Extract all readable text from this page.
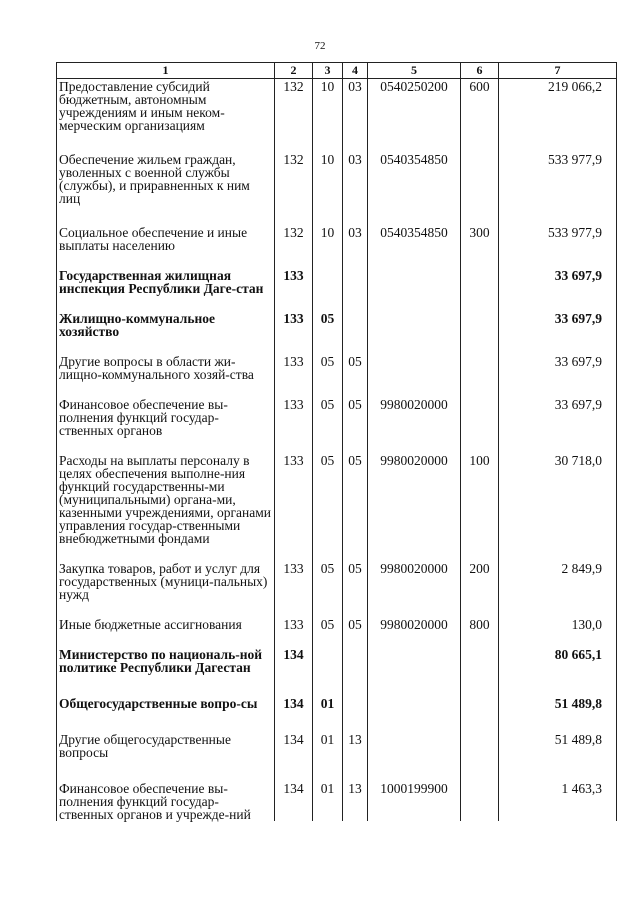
72
1	2	3	4	5	6	7
Предоставление субсидий бюджетным, автономным учреждениям и иным неком-мерческим организациям	132	10	03	0540250200	600	219 066,2
Обеспечение жильем граждан, уволенных с военной службы (службы), и приравненных к ним лиц	132	10	03	0540354850		533 977,9
Социальное обеспечение и иные выплаты населению	132	10	03	0540354850	300	533 977,9
Государственная жилищная инспекция Республики Даге-стан	133					33 697,9
Жилищно-коммунальное хозяйство	133	05				33 697,9
Другие вопросы в области жи-лищно-коммунального хозяй-ства	133	05	05			33 697,9
Финансовое обеспечение вы-полнения функций государ-ственных органов	133	05	05	9980020000		33 697,9
Расходы на выплаты персоналу в целях обеспечения выполне-ния функций государственны-ми (муниципальными) органа-ми, казенными учреждениями, органами управления государ-ственными внебюджетными фондами	133	05	05	9980020000	100	30 718,0
Закупка товаров, работ и услуг для государственных (муници-пальных) нужд	133	05	05	9980020000	200	2 849,9
Иные бюджетные ассигнования	133	05	05	9980020000	800	130,0
Министерство по националь-ной политике Республики Дагестан	134					80 665,1
Общегосударственные вопро-сы	134	01				51 489,8
Другие общегосударственные вопросы	134	01	13			51 489,8
Финансовое обеспечение вы-полнения функций государ-ственных органов и учрежде-ний	134	01	13	1000199900		1 463,3
